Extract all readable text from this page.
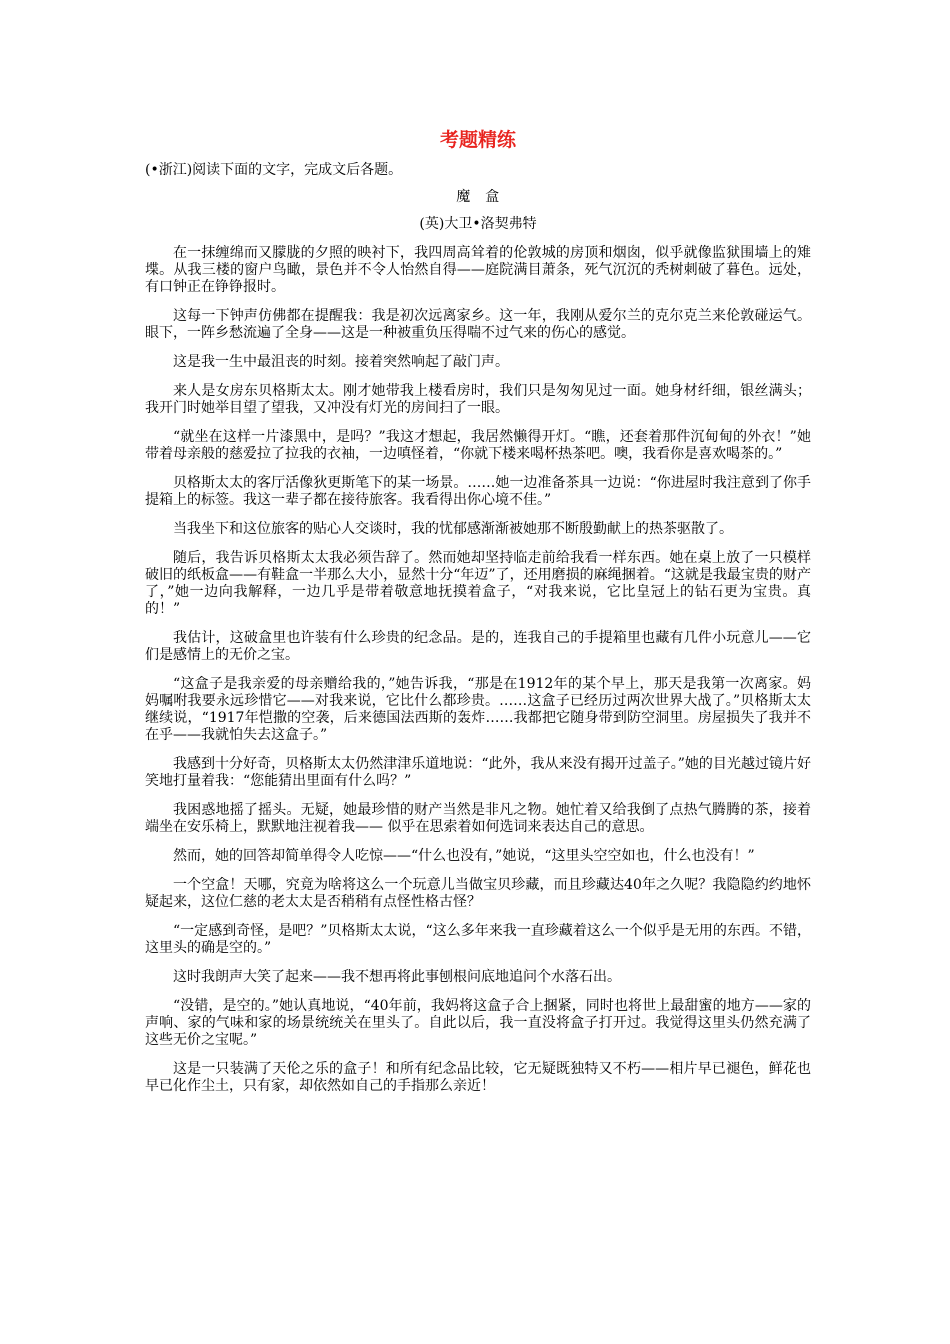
考题精练
(•浙江)阅读下面的文字，完成文后各题。
魔　盒
(英)大卫•洛契弗特

在一抹缠绵而又朦胧的夕照的映衬下，我四周高耸着的伦敦城的房顶和烟囱，似乎就像监狱围墙上的雉堞。从我三楼的窗户鸟瞰，景色并不令人怡然自得——庭院满目萧条，死气沉沉的秃树刺破了暮色。远处，有口钟正在铮铮报时。

这每一下钟声仿佛都在提醒我：我是初次远离家乡。这一年，我刚从爱尔兰的克尔克兰来伦敦碰运气。眼下，一阵乡愁流遍了全身——这是一种被重负压得喘不过气来的伤心的感觉。

这是我一生中最沮丧的时刻。接着突然响起了敲门声。

来人是女房东贝格斯太太。刚才她带我上楼看房时，我们只是匆匆见过一面。她身材纤细，银丝满头；我开门时她举目望了望我，又冲没有灯光的房间扫了一眼。

“就坐在这样一片漆黑中，是吗？”我这才想起，我居然懒得开灯。“瞧，还套着那件沉甸甸的外衣！”她带着母亲般的慈爱拉了拉我的衣袖，一边嗔怪着，“你就下楼来喝杯热茶吧。噢，我看你是喜欢喝茶的。”

贝格斯太太的客厅活像狄更斯笔下的某一场景。……她一边准备茶具一边说：“你进屋时我注意到了你手提箱上的标签。我这一辈子都在接待旅客。我看得出你心境不佳。”

当我坐下和这位旅客的贴心人交谈时，我的忧郁感渐渐被她那不断殷勤献上的热茶驱散了。

随后，我告诉贝格斯太太我必须告辞了。然而她却坚持临走前给我看一样东西。她在桌上放了一只模样破旧的纸板盒——有鞋盒一半那么大小，显然十分“年迈”了，还用磨损的麻绳捆着。“这就是我最宝贵的财产了，”她一边向我解释，一边几乎是带着敬意地抚摸着盒子，“对我来说，它比皇冠上的钻石更为宝贵。真的！”

我估计，这破盒里也许装有什么珍贵的纪念品。是的，连我自己的手提箱里也藏有几件小玩意儿——它们是感情上的无价之宝。

“这盒子是我亲爱的母亲赠给我的，”她告诉我，“那是在1912年的某个早上，那天是我第一次离家。妈妈嘱咐我要永远珍惜它——对我来说，它比什么都珍贵。……这盒子已经历过两次世界大战了。”贝格斯太太继续说，“1917年恺撒的空袭，后来德国法西斯的轰炸……我都把它随身带到防空洞里。房屋损失了我并不在乎——我就怕失去这盒子。”

我感到十分好奇，贝格斯太太仍然津津乐道地说：“此外，我从来没有揭开过盖子。”她的目光越过镜片好笑地打量着我：“您能猜出里面有什么吗？”

我困惑地摇了摇头。无疑，她最珍惜的财产当然是非凡之物。她忙着又给我倒了点热气腾腾的茶，接着端坐在安乐椅上，默默地注视着我—— 似乎在思索着如何选词来表达自己的意思。

然而，她的回答却简单得令人吃惊——“什么也没有，”她说，“这里头空空如也，什么也没有！”

一个空盒！天哪，究竟为啥将这么一个玩意儿当做宝贝珍藏，而且珍藏达40年之久呢？我隐隐约约地怀疑起来，这位仁慈的老太太是否稍稍有点怪性格古怪？

“一定感到奇怪，是吧？”贝格斯太太说，“这么多年来我一直珍藏着这么一个似乎是无用的东西。不错，这里头的确是空的。”

这时我朗声大笑了起来——我不想再将此事刨根问底地追问个水落石出。

“没错，是空的。”她认真地说，“40年前，我妈将这盒子合上捆紧，同时也将世上最甜蜜的地方——家的声响、家的气味和家的场景统统关在里头了。自此以后，我一直没将盒子打开过。我觉得这里头仍然充满了这些无价之宝呢。”

这是一只装满了天伦之乐的盒子！和所有纪念品比较，它无疑既独特又不朽——相片早已褪色，鲜花也早已化作尘土，只有家，却依然如自己的手指那么亲近！
